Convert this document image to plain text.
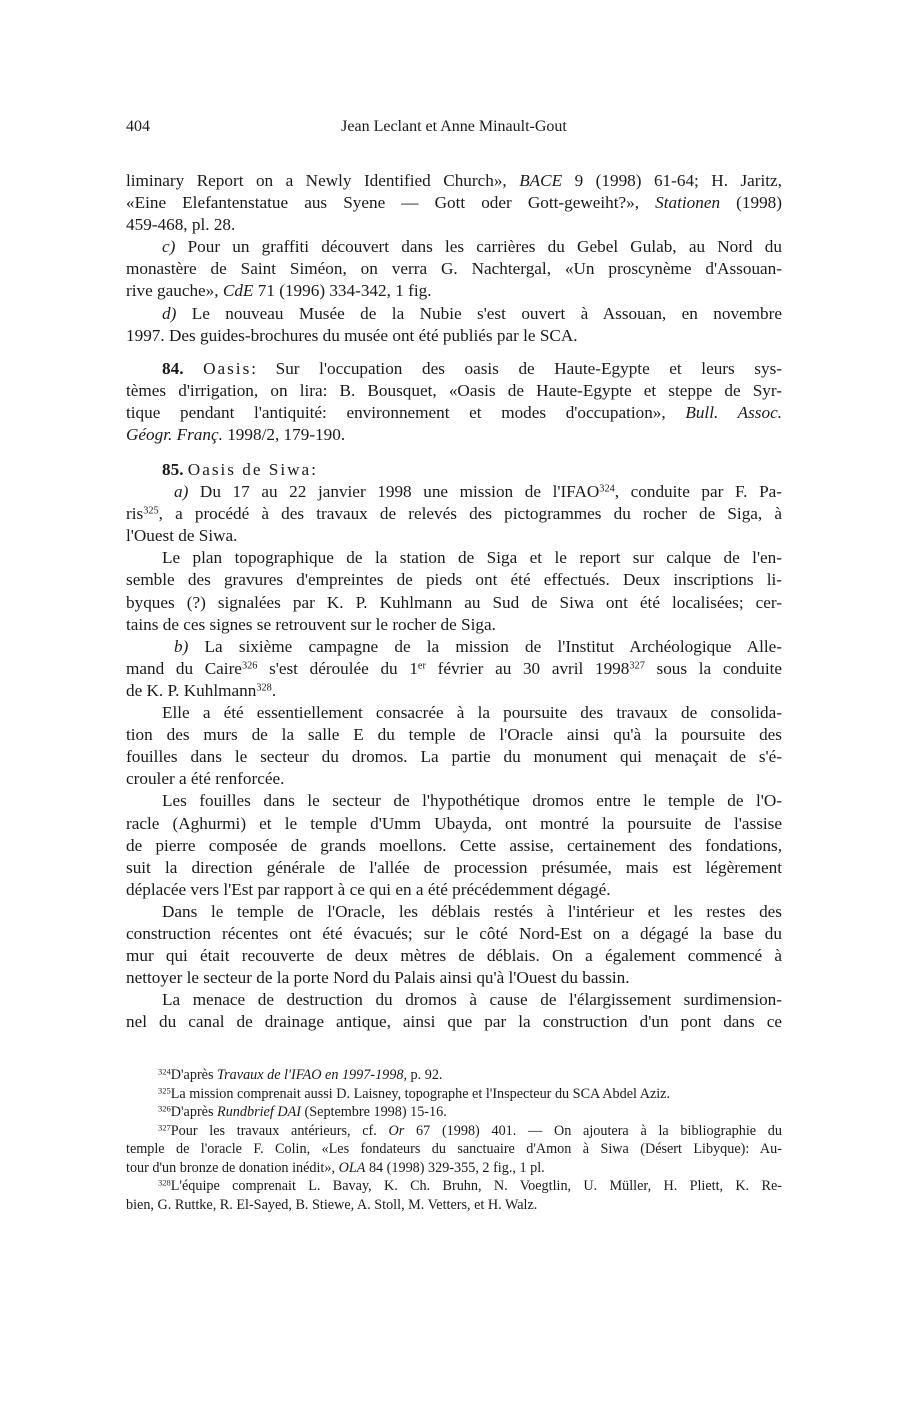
404	Jean Leclant et Anne Minault-Gout
liminary Report on a Newly Identified Church», BACE 9 (1998) 61-64; H. Jaritz,
«Eine Elefantenstatue aus Syene — Gott oder Gott-geweiht?», Stationen (1998)
459-468, pl. 28.
c) Pour un graffiti découvert dans les carrières du Gebel Gulab, au Nord du
monastère de Saint Siméon, on verra G. Nachtergal, «Un proscynème d'Assouan-
rive gauche», CdE 71 (1996) 334-342, 1 fig.
d) Le nouveau Musée de la Nubie s'est ouvert à Assouan, en novembre
1997. Des guides-brochures du musée ont été publiés par le SCA.
84. Oasis: Sur l'occupation des oasis de Haute-Egypte et leurs sys-
tèmes d'irrigation, on lira: B. Bousquet, «Oasis de Haute-Egypte et steppe de Syr-
tique pendant l'antiquité: environnement et modes d'occupation», Bull. Assoc.
Géogr. Franç. 1998/2, 179-190.
85. Oasis de Siwa:
a) Du 17 au 22 janvier 1998 une mission de l'IFAO$^{324}$, conduite par F. Pa-
ris$^{325}$, a procédé à des travaux de relevés des pictogrammes du rocher de Siga, à
l'Ouest de Siwa.
Le plan topographique de la station de Siga et le report sur calque de l'en-
semble des gravures d'empreintes de pieds ont été effectués. Deux inscriptions li-
byques (?) signalées par K. P. Kuhlmann au Sud de Siwa ont été localisées; cer-
tains de ces signes se retrouvent sur le rocher de Siga.
b) La sixième campagne de la mission de l'Institut Archéologique Alle-
mand du Caire$^{326}$ s'est déroulée du 1er février au 30 avril 1998$^{327}$ sous la conduite
de K. P. Kuhlmann$^{328}$.
Elle a été essentiellement consacrée à la poursuite des travaux de consolida-
tion des murs de la salle E du temple de l'Oracle ainsi qu'à la poursuite des
fouilles dans le secteur du dromos. La partie du monument qui menaçait de s'é-
crouler a été renforcée.
Les fouilles dans le secteur de l'hypothétique dromos entre le temple de l'O-
racle (Aghurmi) et le temple d'Umm Ubayda, ont montré la poursuite de l'assise
de pierre composée de grands moellons. Cette assise, certainement des fondations,
suit la direction générale de l'allée de procession présumée, mais est légèrement
déplacée vers l'Est par rapport à ce qui en a été précédemment dégagé.
Dans le temple de l'Oracle, les déblais restés à l'intérieur et les restes des
construction récentes ont été évacués; sur le côté Nord-Est on a dégagé la base du
mur qui était recouverte de deux mètres de déblais. On a également commencé à
nettoyer le secteur de la porte Nord du Palais ainsi qu'à l'Ouest du bassin.
La menace de destruction du dromos à cause de l'élargissement surdimension-
nel du canal de drainage antique, ainsi que par la construction d'un pont dans ce
$^{324}$D'après Travaux de l'IFAO en 1997-1998, p. 92.
$^{325}$La mission comprenait aussi D. Laisney, topographe et l'Inspecteur du SCA Abdel Aziz.
$^{326}$D'après Rundbrief DAI (Septembre 1998) 15-16.
$^{327}$Pour les travaux antérieurs, cf. Or 67 (1998) 401. — On ajoutera à la bibliographie du
temple de l'oracle F. Colin, «Les fondateurs du sanctuaire d'Amon à Siwa (Désert Libyque): Au-
tour d'un bronze de donation inédit», OLA 84 (1998) 329-355, 2 fig., 1 pl.
$^{328}$L'équipe comprenait L. Bavay, K. Ch. Bruhn, N. Voegtlin, U. Müller, H. Pliett, K. Re-
bien, G. Ruttke, R. El-Sayed, B. Stiewe, A. Stoll, M. Vetters, et H. Walz.
